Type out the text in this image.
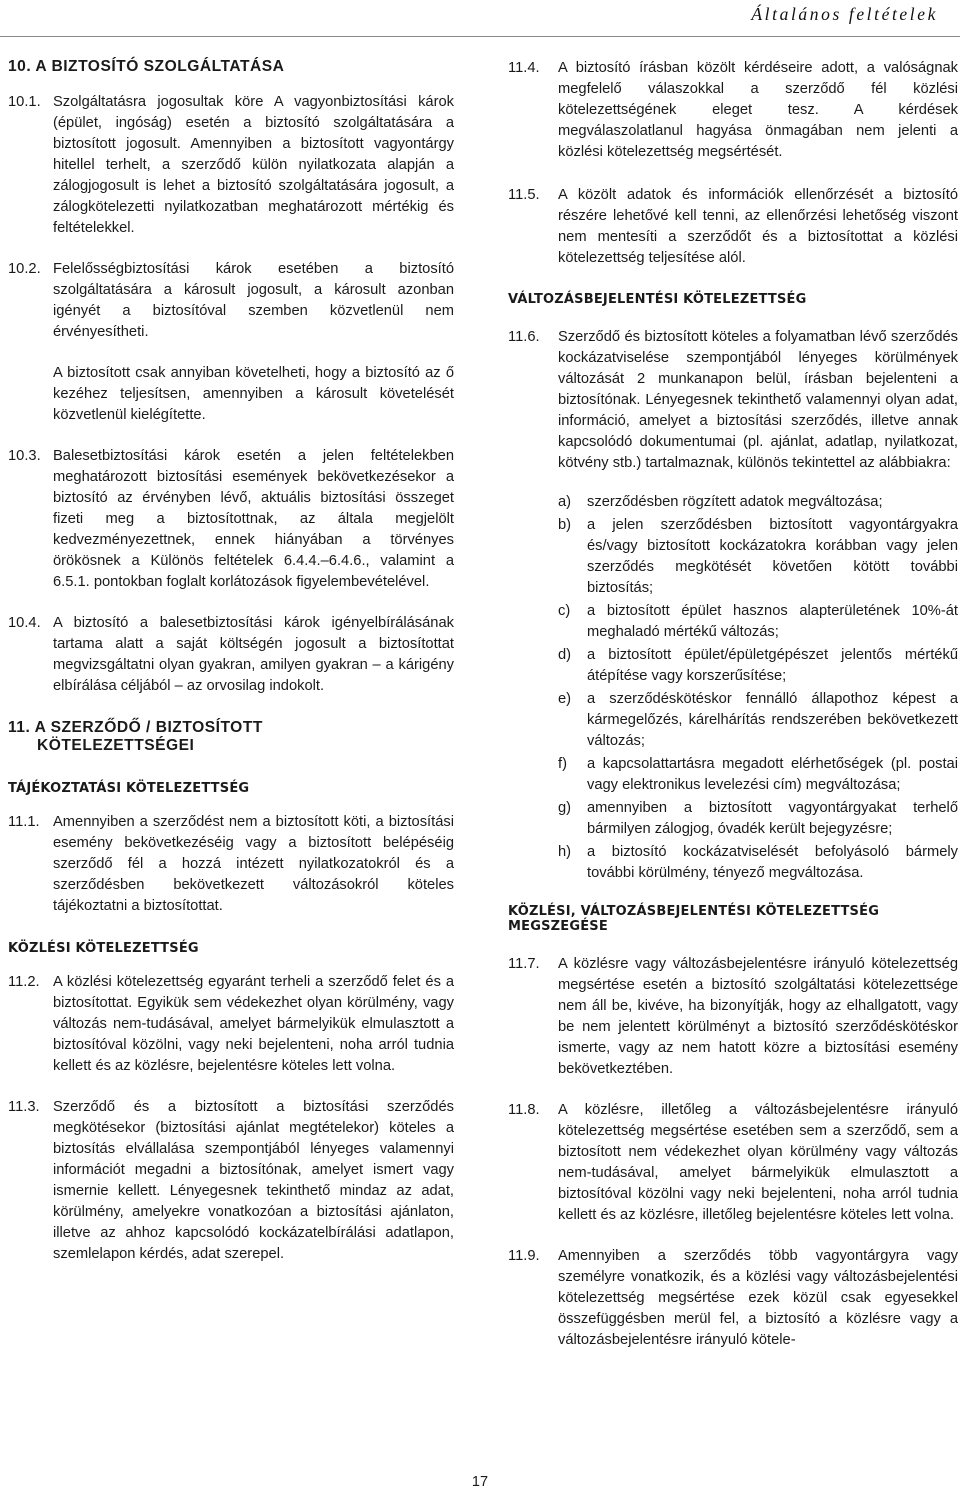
Általános feltételek
10. A BIZTOSÍTÓ SZOLGÁLTATÁSA
10.1. Szolgáltatásra jogosultak köre A vagyonbiztosítási károk (épület, ingóság) esetén a biztosító szolgáltatására a biztosított jogosult. Amennyiben a biztosított vagyontárgy hitellel terhelt, a szerződő külön nyilatkozata alapján a zálogjogosult is lehet a biztosító szolgáltatására jogosult, a zálogkötelezetti nyilatkozatban meghatározott mértékig és feltételekkel.

10.2. Felelősségbiztosítási károk esetében a biztosító szolgáltatására a károsult jogosult, a károsult azonban igényét a biztosítóval szemben közvetlenül nem érvényesítheti.

A biztosított csak annyiban követelheti, hogy a biztosító az ő kezéhez teljesítsen, amennyiben a károsult követelését közvetlenül kielégítette.

10.3. Balesetbiztosítási károk esetén a jelen feltételekben meghatározott biztosítási események bekövetkezésekor a biztosító az érvényben lévő, aktuális biztosítási összeget fizeti meg a biztosítottnak, az általa megjelölt kedvezményezettnek, ennek hiányában a törvényes örökösnek a Különös feltételek 6.4.4.–6.4.6., valamint a 6.5.1. pontokban foglalt korlátozások figyelembevételével.

10.4. A biztosító a balesetbiztosítási károk igényelbírálásának tartama alatt a saját költségén jogosult a biztosítottat megvizsgáltatni olyan gyakran, amilyen gyakran – a kárigény elbírálása céljából – az orvosilag indokolt.

11. A SZERZŐDŐ / BIZTOSÍTOTT
KÖTELEZETTSÉGEI
TÁJÉKOZTATÁSI KÖTELEZETTSÉG
11.1. Amennyiben a szerződést nem a biztosított köti, a biztosítási esemény bekövetkezéséig vagy a biztosított belépéséig szerződő fél a hozzá intézett nyilatkozatokról és a szerződésben bekövetkezett változásokról köteles tájékoztatni a biztosítottat.
KÖZLÉSI KÖTELEZETTSÉG
11.2. A közlési kötelezettség egyaránt terheli a szerződő felet és a biztosítottat. Egyikük sem védekezhet olyan körülmény, vagy változás nem-tudásával, amelyet bármelyikük elmulasztott a biztosítóval közölni, vagy neki bejelenteni, noha arról tudnia kellett és az közlésre, bejelentésre köteles lett volna.
11.3. Szerződő és a biztosított a biztosítási szerződés megkötésekor (biztosítási ajánlat megtételekor) köteles a biztosítás elvállalása szempontjából lényeges valamennyi információt megadni a biztosítónak, amelyet ismert vagy ismernie kellett. Lényegesnek tekinthető mindaz az adat, körülmény, amelyekre vonatkozóan a biztosítási ajánlaton, illetve az ahhoz kapcsolódó kockázatelbírálási adatlapon, szemlelapon kérdés, adat szerepel.
11.4.	A biztosító írásban közölt kérdéseire adott, a valóságnak megfelelő válaszokkal a szerződő fél közlési kötelezettségének eleget tesz. A kérdések megválaszolatlanul hagyása önmagában nem jelenti a közlési kötelezettség megsértését.
11.5.	A közölt adatok és információk ellenőrzését a biztosító részére lehetővé kell tenni, az ellenőrzési lehetőség viszont nem mentesíti a szerződőt és a biztosítottat a közlési kötelezettség teljesítése alól.
VÁLTOZÁSBEJELENTÉSI KÖTELEZETTSÉG
11.6.	Szerződő és biztosított köteles a folyamatban lévő szerződés kockázatviselése szempontjából lényeges körülmények változását 2 munkanapon belül, írásban bejelenteni a biztosítónak. Lényegesnek tekinthető valamennyi olyan adat, információ, amelyet a biztosítási szerződés, illetve annak kapcsolódó dokumentumai (pl. ajánlat, adatlap, nyilatkozat, kötvény stb.) tartalmaznak, különös tekintettel az alábbiakra:

a)	szerződésben rögzített adatok megváltozása;
b)	a jelen szerződésben biztosított vagyontárgyakra és/vagy biztosított kockázatokra korábban vagy jelen szerződés megkötését követően kötött további biztosítás;
c)	a biztosított épület hasznos alapterületének 10%-át meghaladó mértékű változás;
d)	a biztosított épület/épületgépészet jelentős mértékű átépítése vagy korszerűsítése;
e)	a szerződéskötéskor fennálló állapothoz képest a kármegelőzés, kárelhárítás rendszerében bekövetkezett változás;
f)	a kapcsolattartásra megadott elérhetőségek (pl. postai vagy elektronikus levelezési cím) megváltozása;
g)	amennyiben a biztosított vagyontárgyakat terhelő bármilyen zálogjog, óvadék került bejegyzésre;
h)	a biztosító kockázatviselését befolyásoló bármely további körülmény, tényező megváltozása.
KÖZLÉSI, VÁLTOZÁSBEJELENTÉSI KÖTELEZETTSÉG MEGSZEGÉSE
11.7.	A közlésre vagy változásbejelentésre irányuló kötelezettség megsértése esetén a biztosító szolgáltatási kötelezettsége nem áll be, kivéve, ha bizonyítják, hogy az elhallgatott, vagy be nem jelentett körülményt a biztosító szerződéskötéskor ismerte, vagy az nem hatott közre a biztosítási esemény bekövetkeztében.
11.8.	A közlésre, illetőleg a változásbejelentésre irányuló kötelezettség megsértése esetében sem a szerződő, sem a biztosított nem védekezhet olyan körülmény vagy változás nem-tudásával, amelyet bármelyikük elmulasztott a biztosítóval közölni vagy neki bejelenteni, noha arról tudnia kellett és az közlésre, illetőleg bejelentésre köteles lett volna.
11.9.	Amennyiben a szerződés több vagyontárgyra vagy személyre vonatkozik, és a közlési vagy változásbejelentési kötelezettség megsértése ezek közül csak egyesekkel összefüggésben merül fel, a biztosító a közlésre vagy a változásbejelentésre irányuló kötele-
17
